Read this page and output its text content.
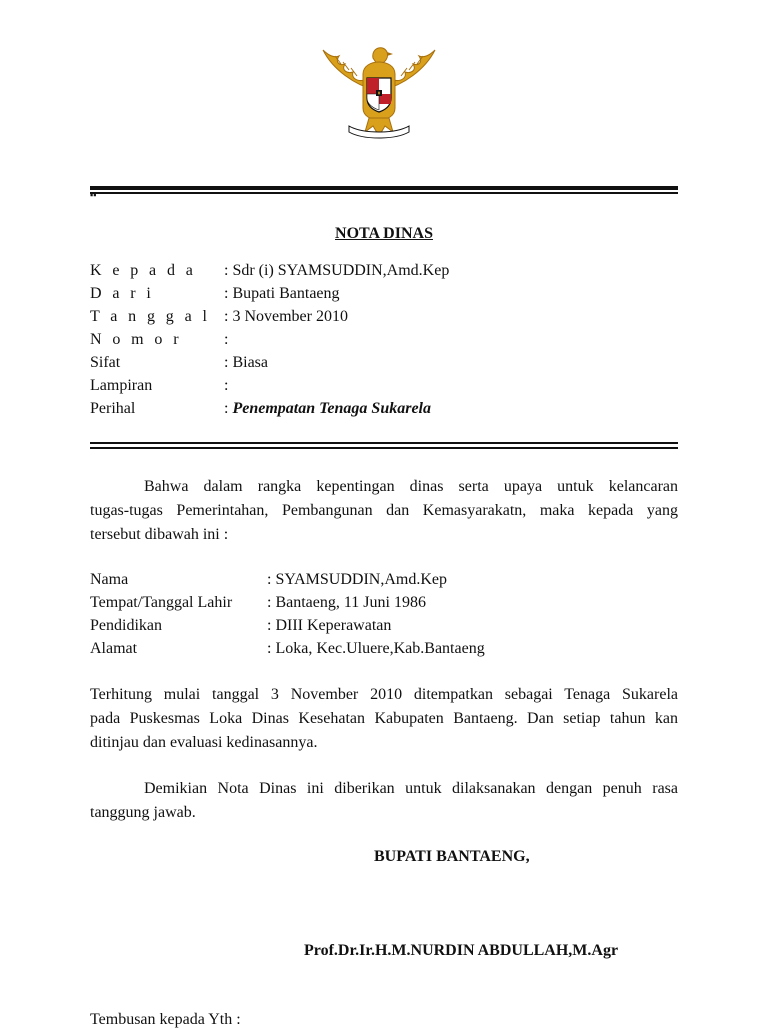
▪▪
NOTA DINAS
K e p a d a	: Sdr (i) SYAMSUDDIN,Amd.Kep
D a r i	: Bupati Bantaeng
T a n g g a l : 3 November 2010
N o m o r	:
Sifat	: Biasa
Lampiran	:
Perihal	: Penempatan Tenaga Sukarela
Bahwa dalam rangka kepentingan dinas serta upaya untuk kelancaran
tugas-tugas Pemerintahan, Pembangunan dan Kemasyarakatn, maka kepada yang
tersebut dibawah ini :
Nama	: SYAMSUDDIN,Amd.Kep
Tempat/Tanggal Lahir : Bantaeng, 11 Juni 1986
Pendidikan	: DIII Keperawatan
Alamat	: Loka, Kec.Uluere,Kab.Bantaeng
Terhitung mulai tanggal 3 November 2010 ditempatkan sebagai Tenaga Sukarela
pada Puskesmas Loka Dinas Kesehatan Kabupaten Bantaeng. Dan setiap tahun kan
ditinjau dan evaluasi kedinasannya.
Demikian Nota Dinas ini diberikan untuk dilaksanakan dengan penuh rasa
tanggung jawab.
BUPATI BANTAENG,
Prof.Dr.Ir.H.M.NURDIN ABDULLAH,M.Agr
Tembusan kepada Yth :
